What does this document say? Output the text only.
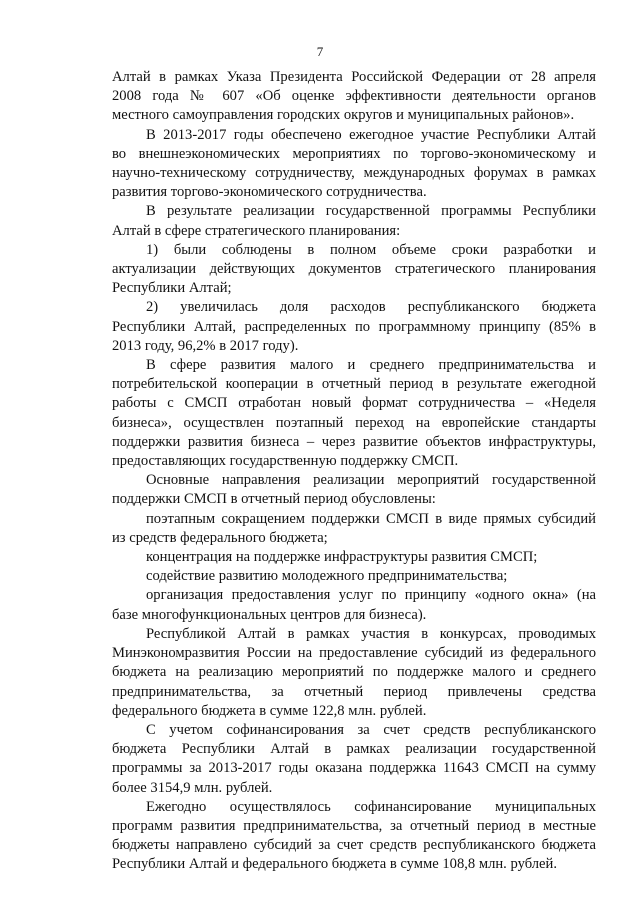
7
Алтай в рамках Указа Президента Российской Федерации от 28 апреля
2008 года № 607 «Об оценке эффективности деятельности органов
местного самоуправления городских округов и муниципальных районов».
В 2013-2017 годы обеспечено ежегодное участие Республики Алтай
во внешнеэкономических мероприятиях по торгово-экономическому и
научно-техническому сотрудничеству, международных форумах в рамках
развития торгово-экономического сотрудничества.
В результате реализации государственной программы Республики
Алтай в сфере стратегического планирования:
1) были соблюдены в полном объеме сроки разработки и
актуализации действующих документов стратегического планирования
Республики Алтай;
2) увеличилась доля расходов республиканского бюджета
Республики Алтай, распределенных по программному принципу (85% в
2013 году, 96,2% в 2017 году).
В сфере развития малого и среднего предпринимательства и
потребительской кооперации в отчетный период в результате ежегодной
работы с СМСП отработан новый формат сотрудничества – «Неделя
бизнеса», осуществлен поэтапный переход на европейские стандарты
поддержки развития бизнеса – через развитие объектов инфраструктуры,
предоставляющих государственную поддержку СМСП.
Основные направления реализации мероприятий государственной
поддержки СМСП в отчетный период обусловлены:
поэтапным сокращением поддержки СМСП в виде прямых субсидий
из средств федерального бюджета;
концентрация на поддержке инфраструктуры развития СМСП;
содействие развитию молодежного предпринимательства;
организация предоставления услуг по принципу «одного окна» (на
базе многофункциональных центров для бизнеса).
Республикой Алтай в рамках участия в конкурсах, проводимых
Минэкономразвития России на предоставление субсидий из федерального
бюджета на реализацию мероприятий по поддержке малого и среднего
предпринимательства, за отчетный период привлечены средства
федерального бюджета в сумме 122,8 млн. рублей.
С учетом софинансирования за счет средств республиканского
бюджета Республики Алтай в рамках реализации государственной
программы за 2013-2017 годы оказана поддержка 11643 СМСП на сумму
более 3154,9 млн. рублей.
Ежегодно осуществлялось софинансирование муниципальных
программ развития предпринимательства, за отчетный период в местные
бюджеты направлено субсидий за счет средств республиканского бюджета
Республики Алтай и федерального бюджета в сумме 108,8 млн. рублей.
